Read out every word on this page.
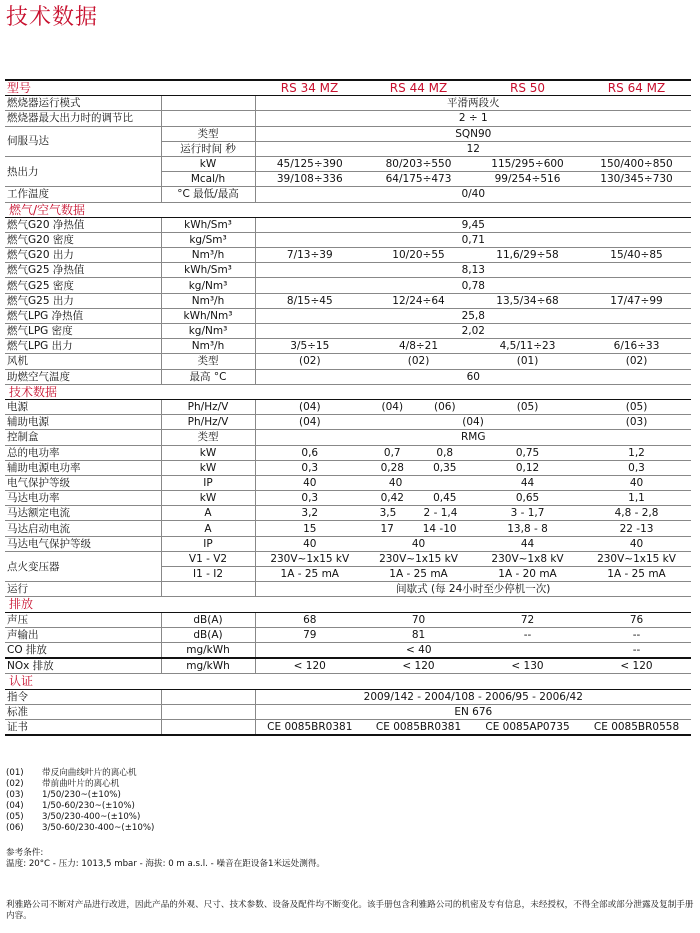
技术数据
型号		RS 34 MZ	RS 44 MZ	RS 50	RS 64 MZ
燃烧器运行模式		平滑两段火			
燃烧器最大出力时的调节比		2 ÷ 1			
伺服马达	类型	SQN90			
	运行时间 秒	12			
热出力	kW	45/125÷390	80/203÷550	115/295÷600	150/400÷850
	Mcal/h	39/108÷336	64/175÷473	99/254÷516	130/345÷730
工作温度	°C 最低/最高	0/40			
燃气/空气数据					
燃气G20 净热值	kWh/Sm³	9,45			
燃气G20 密度	kg/Sm³	0,71			
燃气G20 出力	Nm³/h	7/13÷39	10/20÷55	11,6/29÷58	15/40÷85
燃气G25 净热值	kWh/Sm³	8,13			
燃气G25 密度	kg/Nm³	0,78			
燃气G25 出力	Nm³/h	8/15÷45	12/24÷64	13,5/34÷68	17/47÷99
燃气LPG 净热值	kWh/Nm³	25,8			
燃气LPG 密度	kg/Nm³	2,02			
燃气LPG 出力	Nm³/h	3/5÷15	4/8÷21	4,5/11÷23	6/16÷33
风机	类型	(02)	(02)	(01)	(02)
助燃空气温度	最高 °C	60			
技术数据					
电源	Ph/Hz/V	(04)	(04) (06)	(05)	(05)
辅助电源	Ph/Hz/V	(04)	(04)		(03)
控制盒	类型	RMG			
总的电功率	kW	0,6	0,7 0,8	0,75	1,2
辅助电源电功率	kW	0,3	0,28 0,35	0,12	0,3
电气保护等级	IP	40	40	44	40
马达电功率	kW	0,3	0,42 0,45	0,65	1,1
马达额定电流	A	3,2	3,5 2 - 1,4	3 - 1,7	4,8 - 2,8
马达启动电流	A	15	17 14 -10	13,8 - 8	22 -13
马达电气保护等级	IP	40	40	44	40
点火变压器	V1 - V2	230V~1x15 kV	230V~1x15 kV	230V~1x8 kV	230V~1x15 kV
	I1 - I2	1A - 25 mA	1A - 25 mA	1A - 20 mA	1A - 25 mA
运行		间歇式 (每 24小时至少停机一次)			
排放					
声压	dB(A)	68	70	72	76
声输出	dB(A)	79	81	--	--
CO 排放	mg/kWh	< 40			--
NOx 排放	mg/kWh	< 120	< 120	< 130	< 120
认证					
指令		2009/142 - 2004/108 - 2006/95 - 2006/42			
标准		EN 676			
证书		CE 0085BR0381	CE 0085BR0381	CE 0085AP0735	CE 0085BR0558
(01)	带反向曲线叶片的离心机
(02)	带前曲叶片的离心机
(03)	1/50/230~(±10%)
(04)	1/50-60/230~(±10%)
(05)	3/50/230-400~(±10%)
(06)	3/50-60/230-400~(±10%)
参考条件:
温度: 20°C - 压力: 1013,5 mbar - 海拔: 0 m a.s.l. - 噪音在距设备1米远处测得。
利雅路公司不断对产品进行改进，因此产品的外观、尺寸、技术参数、设备及配件均不断变化。该手册包含利雅路公司的机密及专有信息，未经授权，不得全部或部分泄露及复制手册内容。
